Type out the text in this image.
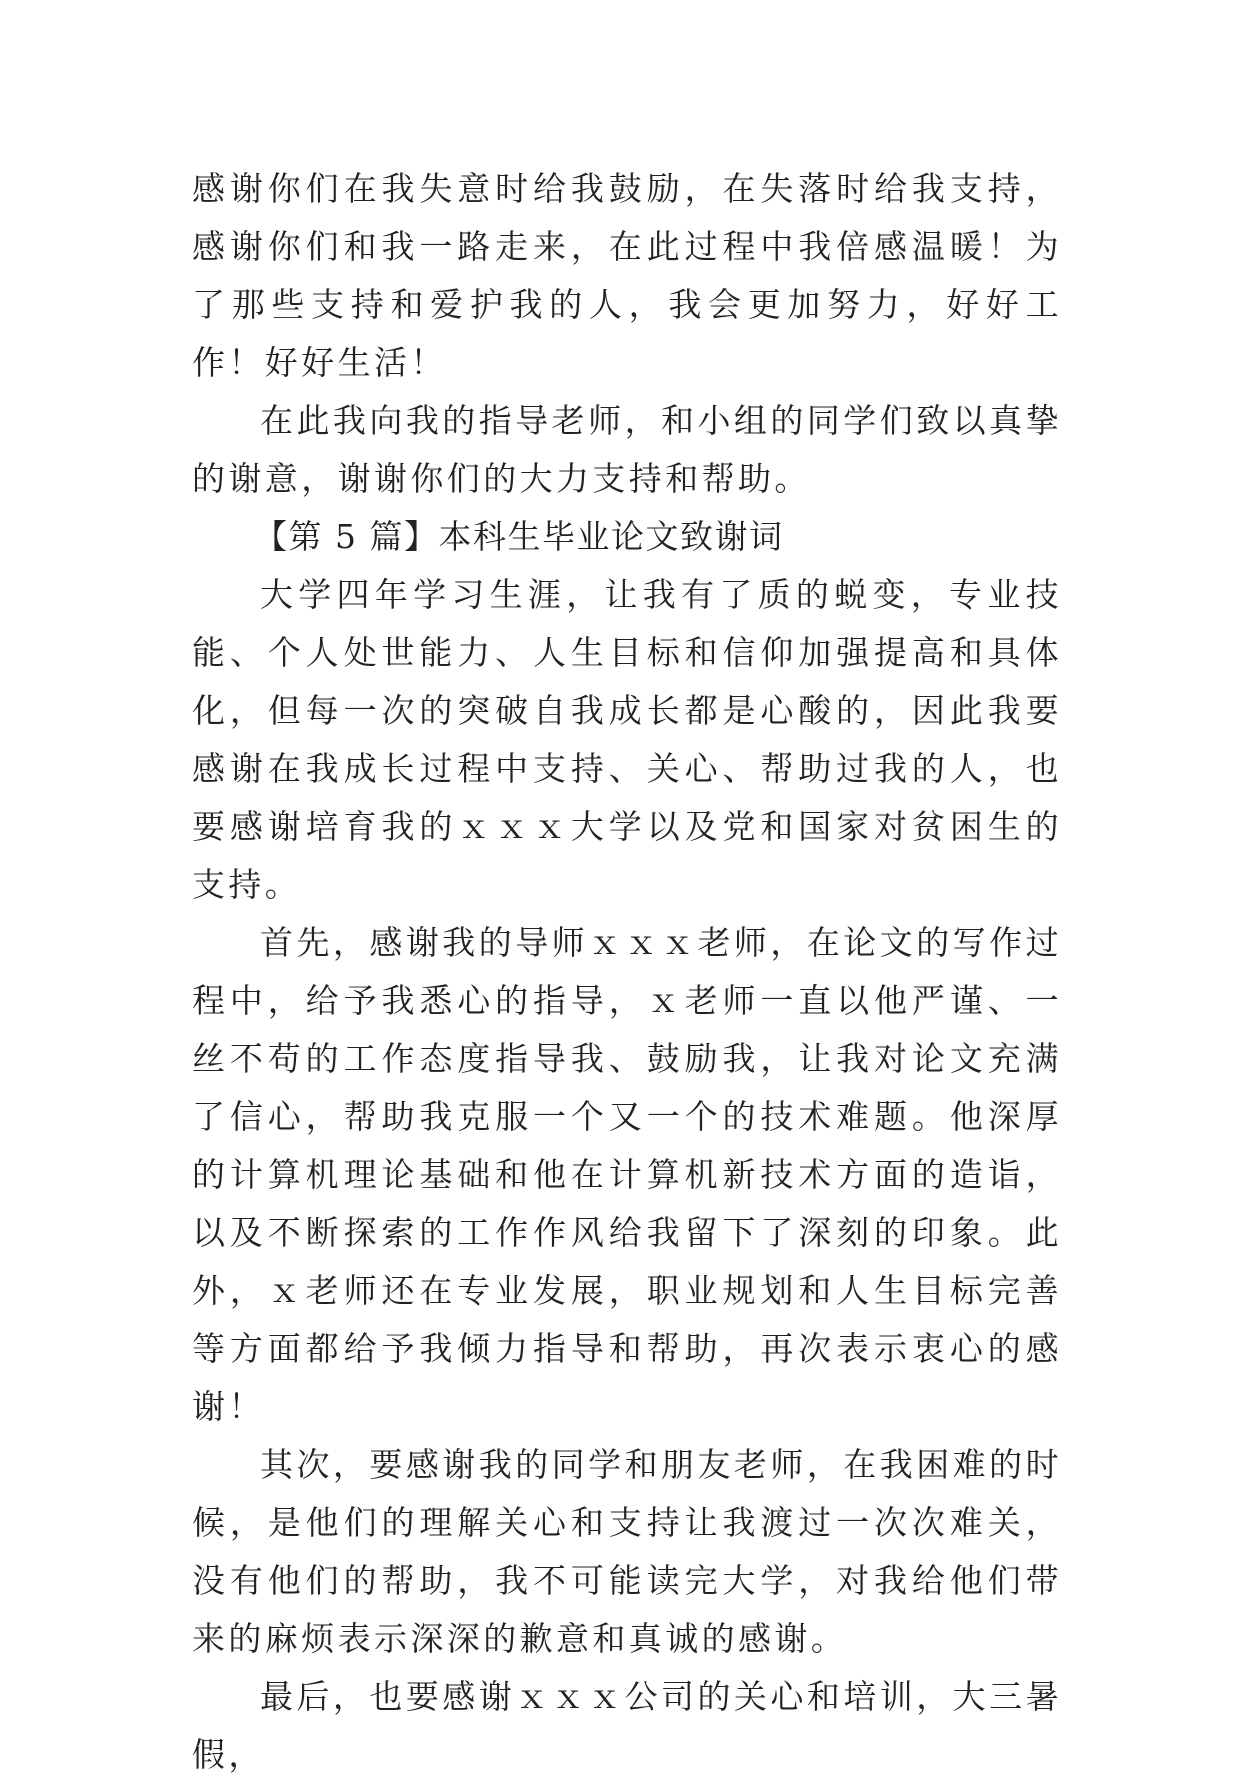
感谢你们在我失意时给我鼓励，在失落时给我支持，感谢你们和我一路走来，在此过程中我倍感温暖！为了那些支持和爱护我的人，我会更加努力，好好工作！好好生活！

在此我向我的指导老师，和小组的同学们致以真挚的谢意，谢谢你们的大力支持和帮助。

【第 5 篇】本科生毕业论文致谢词

大学四年学习生涯，让我有了质的蜕变，专业技能、个人处世能力、人生目标和信仰加强提高和具体化，但每一次的突破自我成长都是心酸的，因此我要感谢在我成长过程中支持、关心、帮助过我的人，也要感谢培育我的ｘｘｘ大学以及党和国家对贫困生的支持。

首先，感谢我的导师ｘｘｘ老师，在论文的写作过程中，给予我悉心的指导，ｘ老师一直以他严谨、一丝不苟的工作态度指导我、鼓励我，让我对论文充满了信心，帮助我克服一个又一个的技术难题。他深厚的计算机理论基础和他在计算机新技术方面的造诣，以及不断探索的工作作风给我留下了深刻的印象。此外，ｘ老师还在专业发展，职业规划和人生目标完善等方面都给予我倾力指导和帮助，再次表示衷心的感谢！

其次，要感谢我的同学和朋友老师，在我困难的时候，是他们的理解关心和支持让我渡过一次次难关，没有他们的帮助，我不可能读完大学，对我给他们带来的麻烦表示深深的歉意和真诚的感谢。

最后，也要感谢ｘｘｘ公司的关心和培训，大三暑假，
